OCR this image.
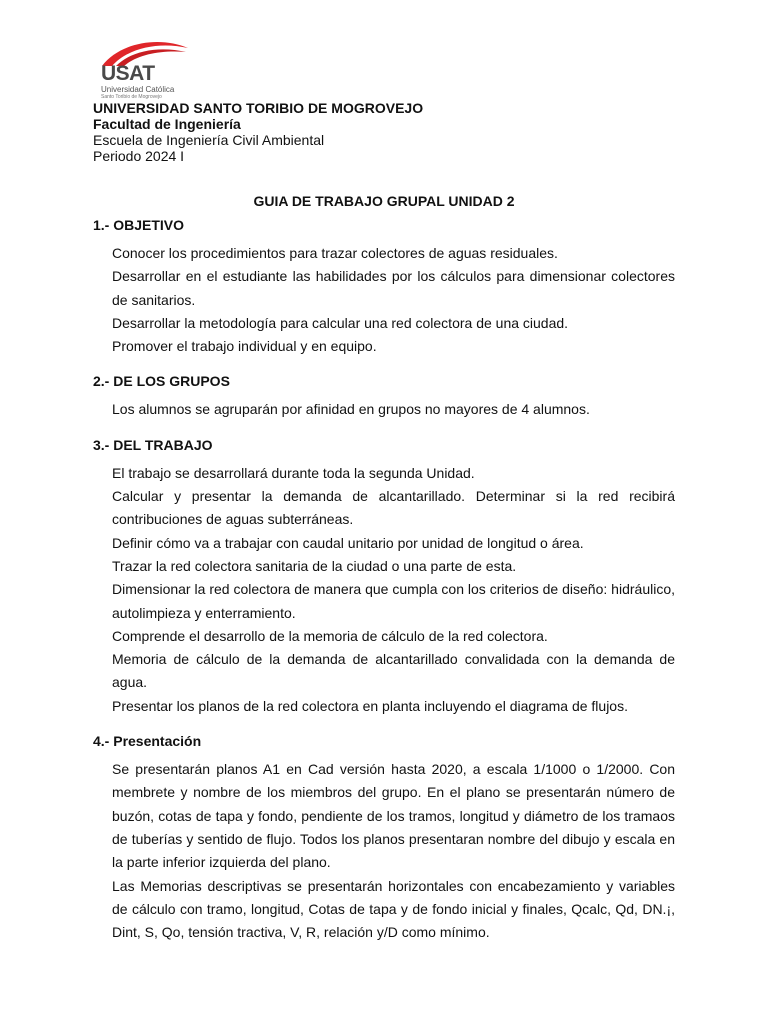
USAT
Universidad Católica
Santo Toribio de Mogrovejo
UNIVERSIDAD SANTO TORIBIO DE MOGROVEJO
Facultad de Ingeniería
Escuela de Ingeniería Civil Ambiental
Periodo 2024 I
GUIA DE TRABAJO GRUPAL UNIDAD 2
1.- OBJETIVO
Conocer los procedimientos para trazar colectores de aguas residuales.
Desarrollar en el estudiante las habilidades por los cálculos para dimensionar colectores de sanitarios.
Desarrollar la metodología para calcular una red colectora de una ciudad.
Promover el trabajo individual y en equipo.
2.- DE LOS GRUPOS
Los alumnos se agruparán por afinidad en grupos no mayores de 4 alumnos.
3.- DEL TRABAJO
El trabajo se desarrollará durante toda la segunda Unidad.
Calcular y presentar la demanda de alcantarillado. Determinar si la red recibirá contribuciones de aguas subterráneas.
Definir cómo va a trabajar con caudal unitario por unidad de longitud o área.
Trazar la red colectora sanitaria de la ciudad o una parte de esta.
Dimensionar la red colectora de manera que cumpla con los criterios de diseño: hidráulico, autolimpieza y enterramiento.
Comprende el desarrollo de la memoria de cálculo de la red colectora.
Memoria de cálculo de la demanda de alcantarillado convalidada con la demanda de agua.
Presentar los planos de la red colectora en planta incluyendo el diagrama de flujos.
4.- Presentación
Se presentarán planos A1 en Cad versión hasta 2020, a escala 1/1000 o 1/2000. Con membrete y nombre de los miembros del grupo. En el plano se presentarán número de buzón, cotas de tapa y fondo, pendiente de los tramos, longitud y diámetro de los tramaos de tuberías y sentido de flujo. Todos los planos presentaran nombre del dibujo y escala en la parte inferior izquierda del plano.
Las Memorias descriptivas se presentarán horizontales con encabezamiento y variables de cálculo con tramo, longitud, Cotas de tapa y de fondo inicial y finales, Qcalc, Qd, DN.¡, Dint, S, Qo, tensión tractiva, V, R, relación y/D como mínimo.
